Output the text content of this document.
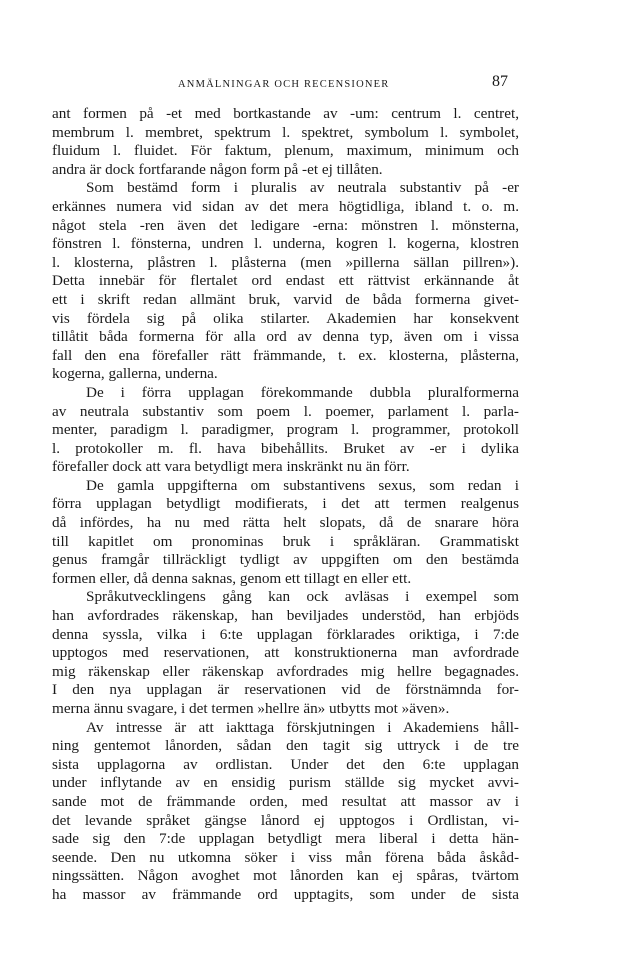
ANMÄLNINGAR OCH RECENSIONER	87
ant formen på -et med bortkastande av -um: centrum l. centret,
membrum l. membret, spektrum l. spektret, symbolum l. symbolet,
fluidum l. fluidet. För faktum, plenum, maximum, minimum och
andra är dock fortfarande någon form på -et ej tillåten.
Som bestämd form i pluralis av neutrala substantiv på -er
erkännes numera vid sidan av det mera högtidliga, ibland t. o. m.
något stela -ren även det ledigare -erna: mönstren l. mönsterna,
fönstren l. fönsterna, undren l. underna, kogren l. kogerna, klostren
l. klosterna, plåstren l. plåsterna (men »pillerna sällan pillren»).
Detta innebär för flertalet ord endast ett rättvist erkännande åt
ett i skrift redan allmänt bruk, varvid de båda formerna givet-
vis fördela sig på olika stilarter. Akademien har konsekvent
tillåtit båda formerna för alla ord av denna typ, även om i vissa
fall den ena förefaller rätt främmande, t. ex. klosterna, plåsterna,
kogerna, gallerna, underna.
De i förra upplagan förekommande dubbla pluralformerna
av neutrala substantiv som poem l. poemer, parlament l. parla-
menter, paradigm l. paradigmer, program l. programmer, protokoll
l. protokoller m. fl. hava bibehållits. Bruket av -er i dylika
förefaller dock att vara betydligt mera inskränkt nu än förr.
De gamla uppgifterna om substantivens sexus, som redan i
förra upplagan betydligt modifierats, i det att termen realgenus
då infördes, ha nu med rätta helt slopats, då de snarare höra
till kapitlet om pronominas bruk i språkläran. Grammatiskt
genus framgår tillräckligt tydligt av uppgiften om den bestämda
formen eller, då denna saknas, genom ett tillagt en eller ett.
Språkutvecklingens gång kan ock avläsas i exempel som
han avfordrades räkenskap, han beviljades understöd, han erbjöds
denna syssla, vilka i 6:te upplagan förklarades oriktiga, i 7:de
upptogos med reservationen, att konstruktionerna man avfordrade
mig räkenskap eller räkenskap avfordrades mig hellre begagnades.
I den nya upplagan är reservationen vid de förstnämnda for-
merna ännu svagare, i det termen »hellre än» utbytts mot »även».
Av intresse är att iakttaga förskjutningen i Akademiens håll-
ning gentemot lånorden, sådan den tagit sig uttryck i de tre
sista upplagorna av ordlistan. Under det den 6:te upplagan
under inflytande av en ensidig purism ställde sig mycket avvi-
sande mot de främmande orden, med resultat att massor av i
det levande språket gängse lånord ej upptogos i Ordlistan, vi-
sade sig den 7:de upplagan betydligt mera liberal i detta hän-
seende. Den nu utkomna söker i viss mån förena båda åskåd-
ningssätten. Någon avoghet mot lånorden kan ej spåras, tvärtom
ha massor av främmande ord upptagits, som under de sista
